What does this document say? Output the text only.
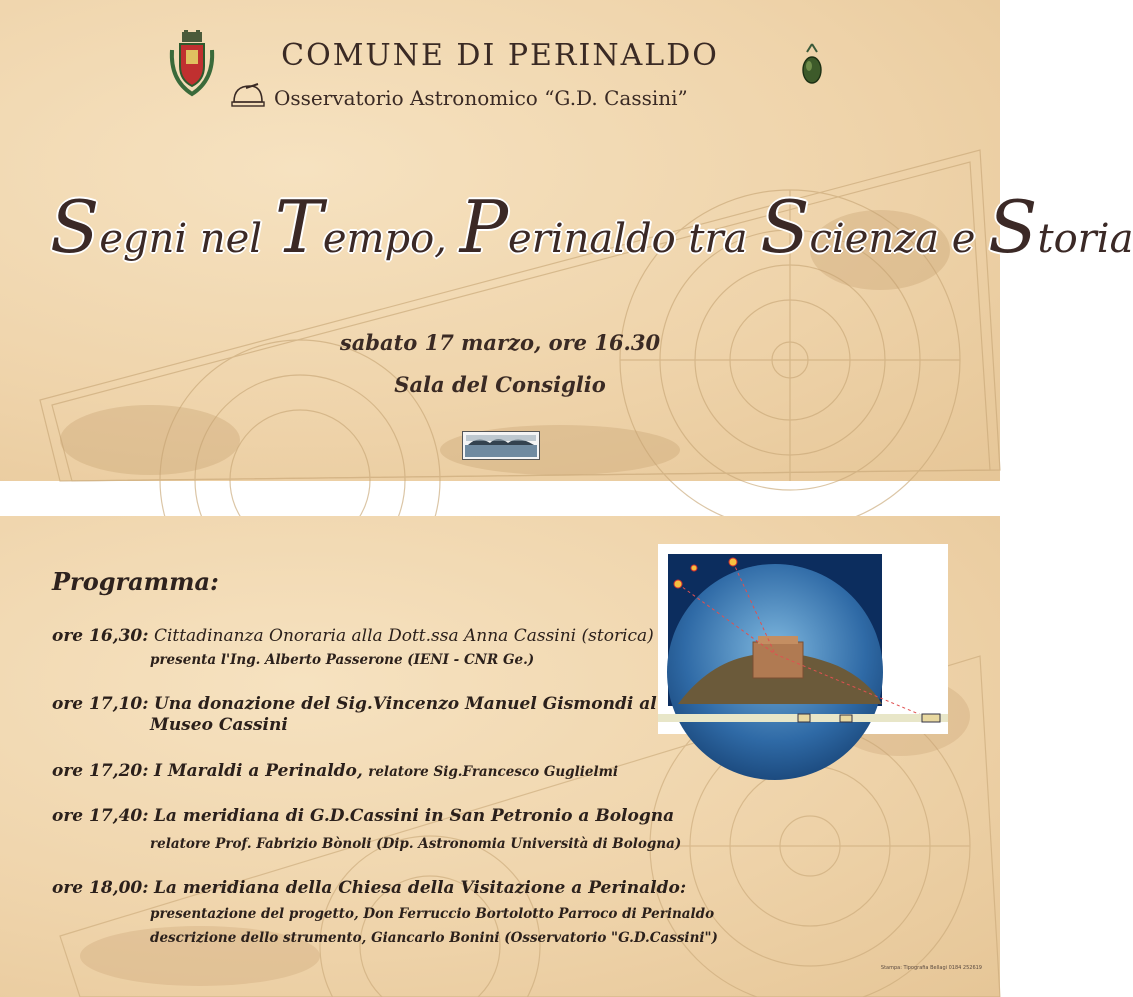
COMUNE DI PERINALDO
Osservatorio Astronomico “G.D. Cassini”
Segni nel Tempo, Perinaldo tra Scienza e Storia
sabato 17 marzo, ore 16.30
Sala del Consiglio
Programma:
ore 16,30: Cittadinanza Onoraria alla Dott.ssa Anna Cassini (storica)
presenta l'Ing. Alberto Passerone (IENI - CNR Ge.)
ore 17,10: Una donazione del Sig.Vincenzo Manuel Gismondi al
Museo Cassini
ore 17,20: I Maraldi a Perinaldo, relatore Sig.Francesco Guglielmi
ore 17,40: La meridiana di G.D.Cassini in San Petronio a Bologna
relatore Prof. Fabrizio Bònoli (Dip. Astronomia Università di Bologna)
ore 18,00: La meridiana della Chiesa della Visitazione a Perinaldo:
presentazione del progetto, Don Ferruccio Bortolotto Parroco di Perinaldo
descrizione dello strumento, Giancarlo Bonini (Osservatorio "G.D.Cassini")
Stampa: Tipografia Bellagi 0184 252619
